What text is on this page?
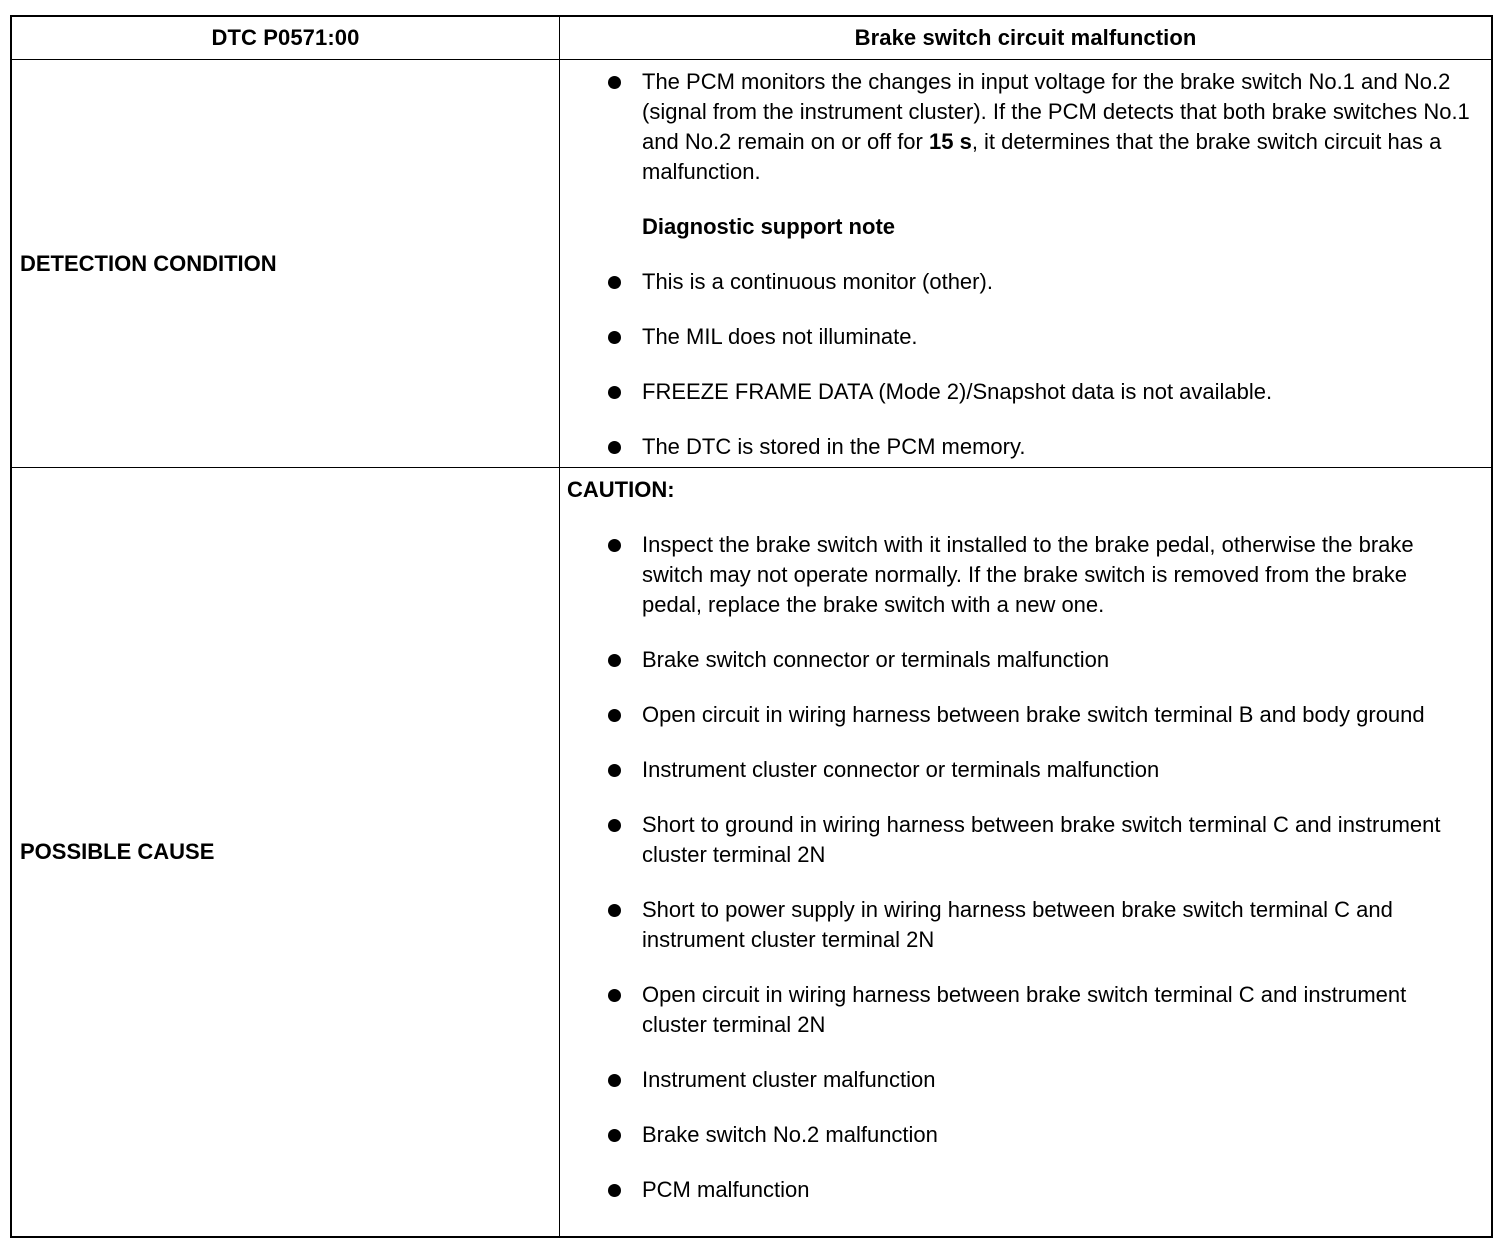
DTC P0571:00	Brake switch circuit malfunction
DETECTION CONDITION
The PCM monitors the changes in input voltage for the brake switch No.1 and No.2 (signal from the instrument cluster). If the PCM detects that both brake switches No.1 and No.2 remain on or off for 15 s, it determines that the brake switch circuit has a malfunction.
Diagnostic support note
This is a continuous monitor (other).
The MIL does not illuminate.
FREEZE FRAME DATA (Mode 2)/Snapshot data is not available.
The DTC is stored in the PCM memory.
POSSIBLE CAUSE
CAUTION:
Inspect the brake switch with it installed to the brake pedal, otherwise the brake switch may not operate normally. If the brake switch is removed from the brake pedal, replace the brake switch with a new one.
Brake switch connector or terminals malfunction
Open circuit in wiring harness between brake switch terminal B and body ground
Instrument cluster connector or terminals malfunction
Short to ground in wiring harness between brake switch terminal C and instrument cluster terminal 2N
Short to power supply in wiring harness between brake switch terminal C and instrument cluster terminal 2N
Open circuit in wiring harness between brake switch terminal C and instrument cluster terminal 2N
Instrument cluster malfunction
Brake switch No.2 malfunction
PCM malfunction
